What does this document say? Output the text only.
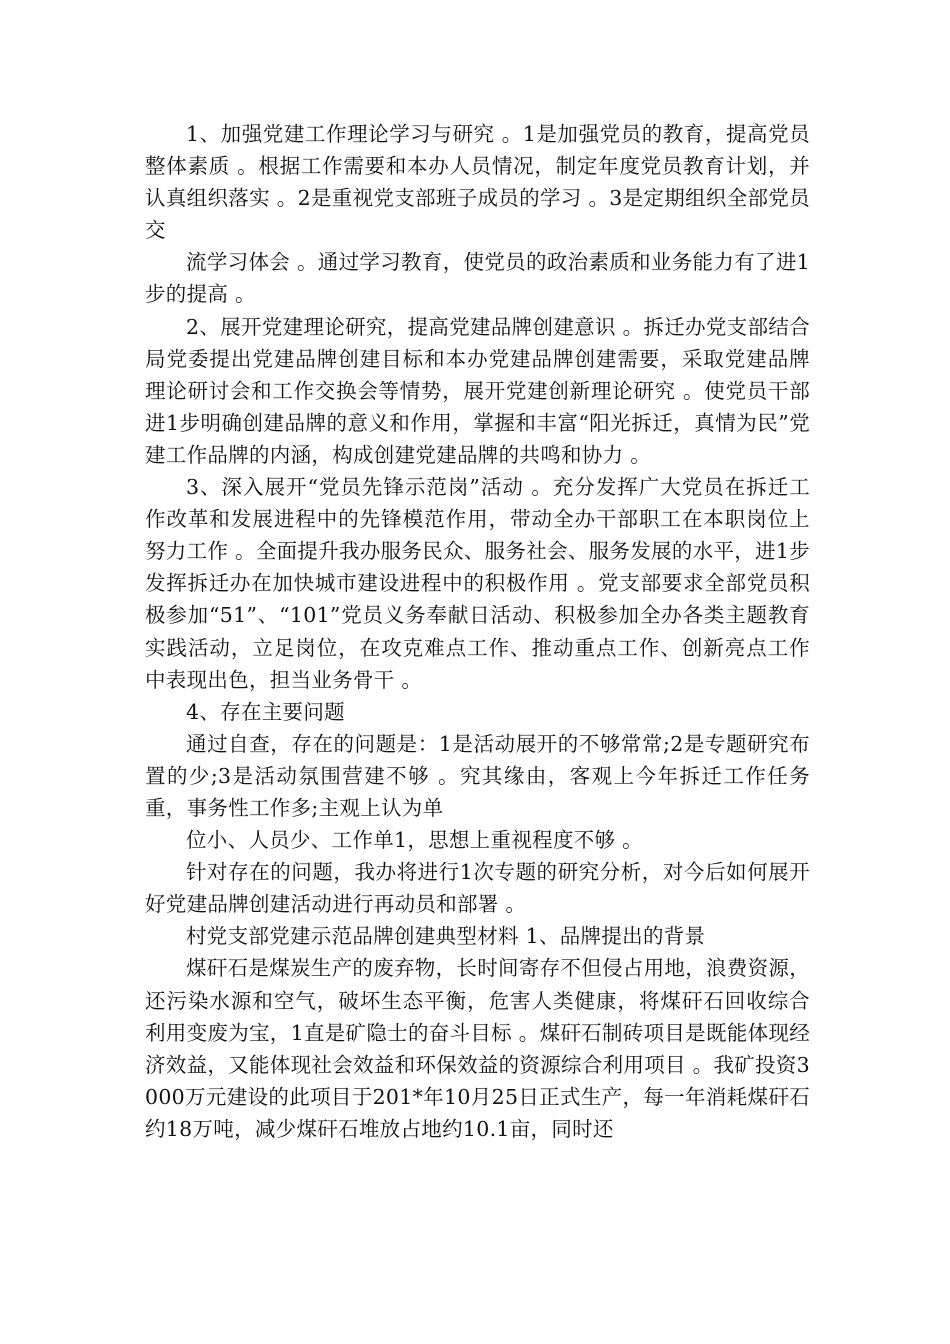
1、加强党建工作理论学习与研究 。1是加强党员的教育，提高党员整体素质 。根据工作需要和本办人员情况，制定年度党员教育计划，并认真组织落实 。2是重视党支部班子成员的学习 。3是定期组织全部党员交

流学习体会 。通过学习教育，使党员的政治素质和业务能力有了进1步的提高 。

2、展开党建理论研究，提高党建品牌创建意识 。拆迁办党支部结合局党委提出党建品牌创建目标和本办党建品牌创建需要，采取党建品牌理论研讨会和工作交换会等情势，展开党建创新理论研究 。使党员干部进1步明确创建品牌的意义和作用，掌握和丰富“阳光拆迁，真情为民”党建工作品牌的内涵，构成创建党建品牌的共鸣和协力 。

3、深入展开“党员先锋示范岗”活动 。充分发挥广大党员在拆迁工作改革和发展进程中的先锋模范作用，带动全办干部职工在本职岗位上努力工作 。全面提升我办服务民众、服务社会、服务发展的水平，进1步发挥拆迁办在加快城市建设进程中的积极作用 。党支部要求全部党员积极参加“51”、“101”党员义务奉献日活动、积极参加全办各类主题教育实践活动，立足岗位，在攻克难点工作、推动重点工作、创新亮点工作中表现出色，担当业务骨干 。

4、存在主要问题

通过自查，存在的问题是：1是活动展开的不够常常;2是专题研究布置的少;3是活动氛围营建不够 。究其缘由，客观上今年拆迁工作任务重，事务性工作多;主观上认为单

位小、人员少、工作单1，思想上重视程度不够 。

针对存在的问题，我办将进行1次专题的研究分析，对今后如何展开好党建品牌创建活动进行再动员和部署 。

村党支部党建示范品牌创建典型材料 1、品牌提出的背景

煤矸石是煤炭生产的废弃物，长时间寄存不但侵占用地，浪费资源，还污染水源和空气，破坏生态平衡，危害人类健康，将煤矸石回收综合利用变废为宝，1直是矿隐士的奋斗目标 。煤矸石制砖项目是既能体现经济效益，又能体现社会效益和环保效益的资源综合利用项目 。我矿投资3000万元建设的此项目于201*年10月25日正式生产，每一年消耗煤矸石约18万吨，减少煤矸石堆放占地约10.1亩，同时还
